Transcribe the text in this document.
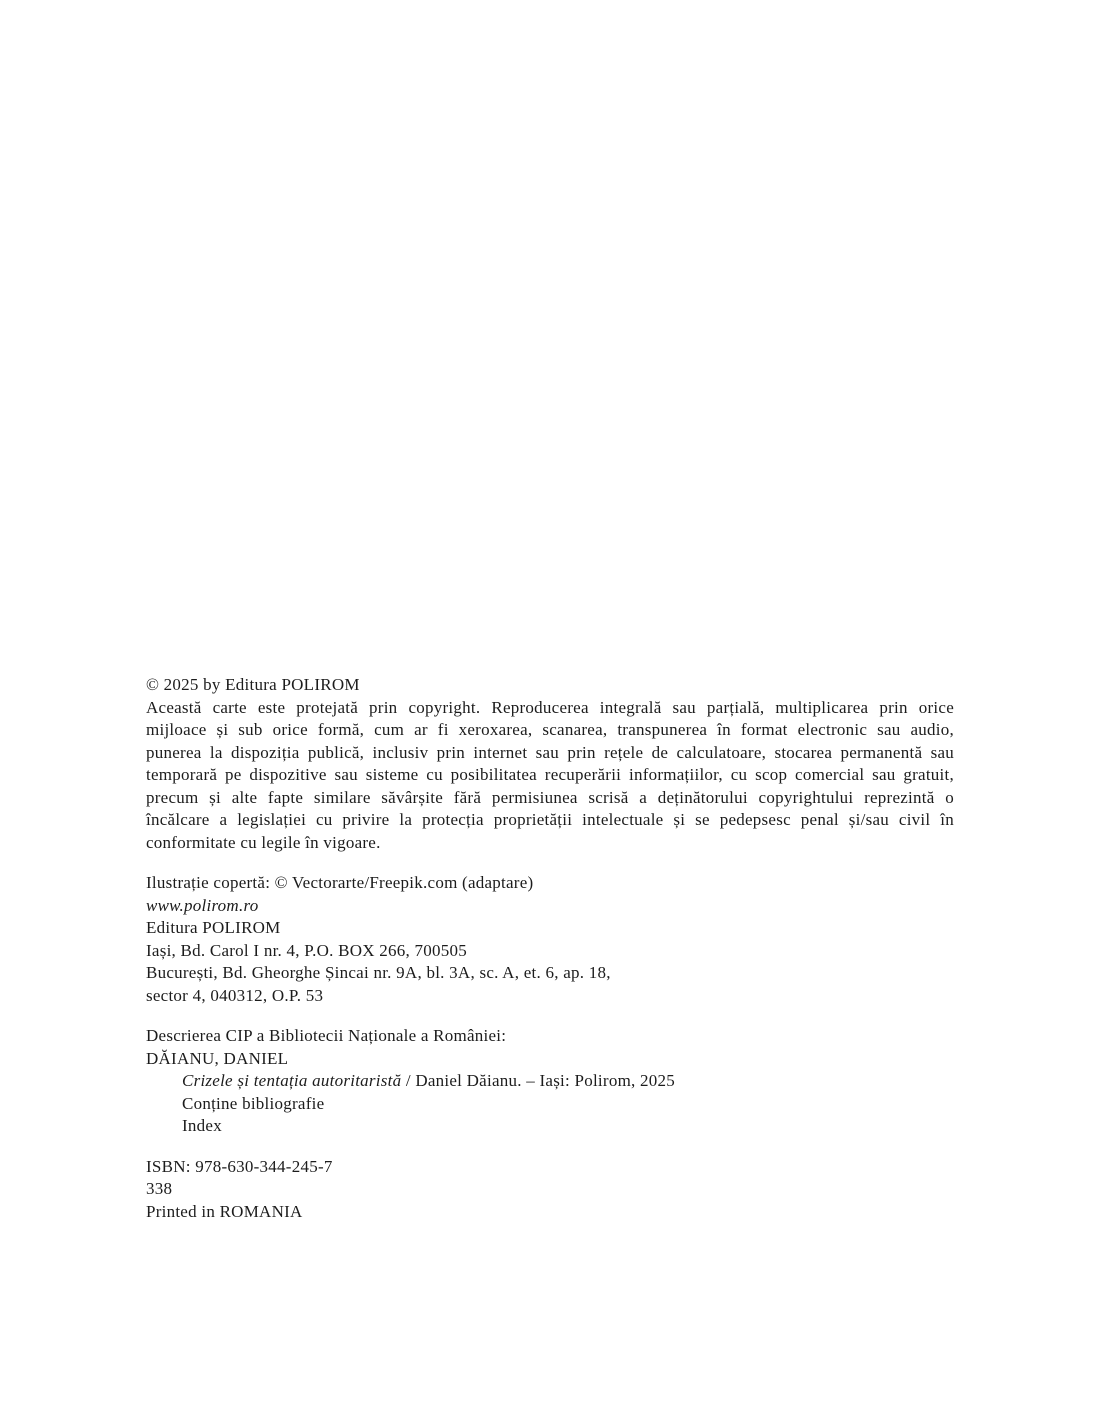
© 2025 by Editura POLIROM

Această carte este protejată prin copyright. Reproducerea integrală sau parțială, multiplicarea prin orice
mijloace și sub orice formă, cum ar fi xeroxarea, scanarea, transpunerea în format electronic sau audio,
punerea la dispoziția publică, inclusiv prin internet sau prin rețele de calculatoare, stocarea permanentă sau
temporară pe dispozitive sau sisteme cu posibilitatea recuperării informațiilor, cu scop comercial sau gratuit,
precum și alte fapte similare săvârșite fără permisiunea scrisă a deținătorului copyrightului reprezintă o
încălcare a legislației cu privire la protecția proprietății intelectuale și se pedepsesc penal și/sau civil în
conformitate cu legile în vigoare.

Ilustrație copertă: © Vectorarte/Freepik.com (adaptare)

www.polirom.ro

Editura POLIROM
Iași, Bd. Carol I nr. 4, P.O. BOX 266, 700505
București, Bd. Gheorghe Șincai nr. 9A, bl. 3A, sc. A, et. 6, ap. 18,
sector 4, 040312, O.P. 53

Descrierea CIP a Bibliotecii Naționale a României:

DĂIANU, DANIEL
Crizele și tentația autoritaristă / Daniel Dăianu. – Iași: Polirom, 2025
Conține bibliografie
Index

ISBN: 978-630-344-245-7

338

Printed in ROMANIA
